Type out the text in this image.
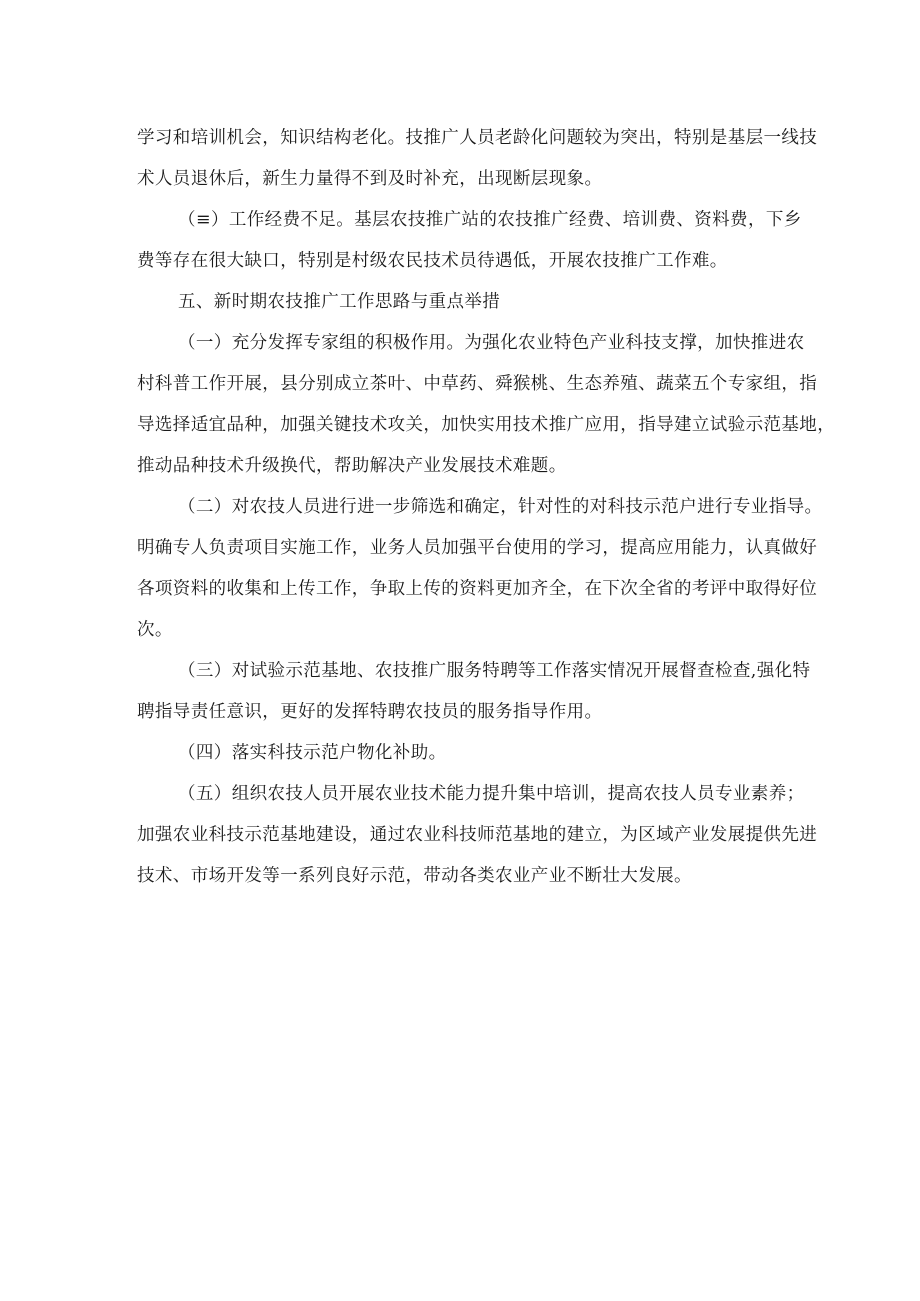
学习和培训机会，知识结构老化。技推广人员老龄化问题较为突出，特别是基层一线技
术人员退休后，新生力量得不到及时补充，出现断层现象。
（≡）工作经费不足。基层农技推广站的农技推广经费、培训费、资料费，下乡
费等存在很大缺口，特别是村级农民技术员待遇低，开展农技推广工作难。
五、新时期农技推广工作思路与重点举措
（一）充分发挥专家组的积极作用。为强化农业特色产业科技支撑，加快推进农
村科普工作开展，县分别成立茶叶、中草药、舜猴桃、生态养殖、蔬菜五个专家组，指
导选择适宜品种，加强关键技术攻关，加快实用技术推广应用，指导建立试验示范基地，
推动品种技术升级换代，帮助解决产业发展技术难题。
（二）对农技人员进行进一步筛选和确定，针对性的对科技示范户进行专业指导。
明确专人负责项目实施工作，业务人员加强平台使用的学习，提高应用能力，认真做好
各项资料的收集和上传工作，争取上传的资料更加齐全，在下次全省的考评中取得好位
次。
（三）对试验示范基地、农技推广服务特聘等工作落实情况开展督查检查,强化特
聘指导责任意识，更好的发挥特聘农技员的服务指导作用。
（四）落实科技示范户物化补助。
（五）组织农技人员开展农业技术能力提升集中培训，提高农技人员专业素养；
加强农业科技示范基地建设，通过农业科技师范基地的建立，为区域产业发展提供先进
技术、市场开发等一系列良好示范，带动各类农业产业不断壮大发展。
